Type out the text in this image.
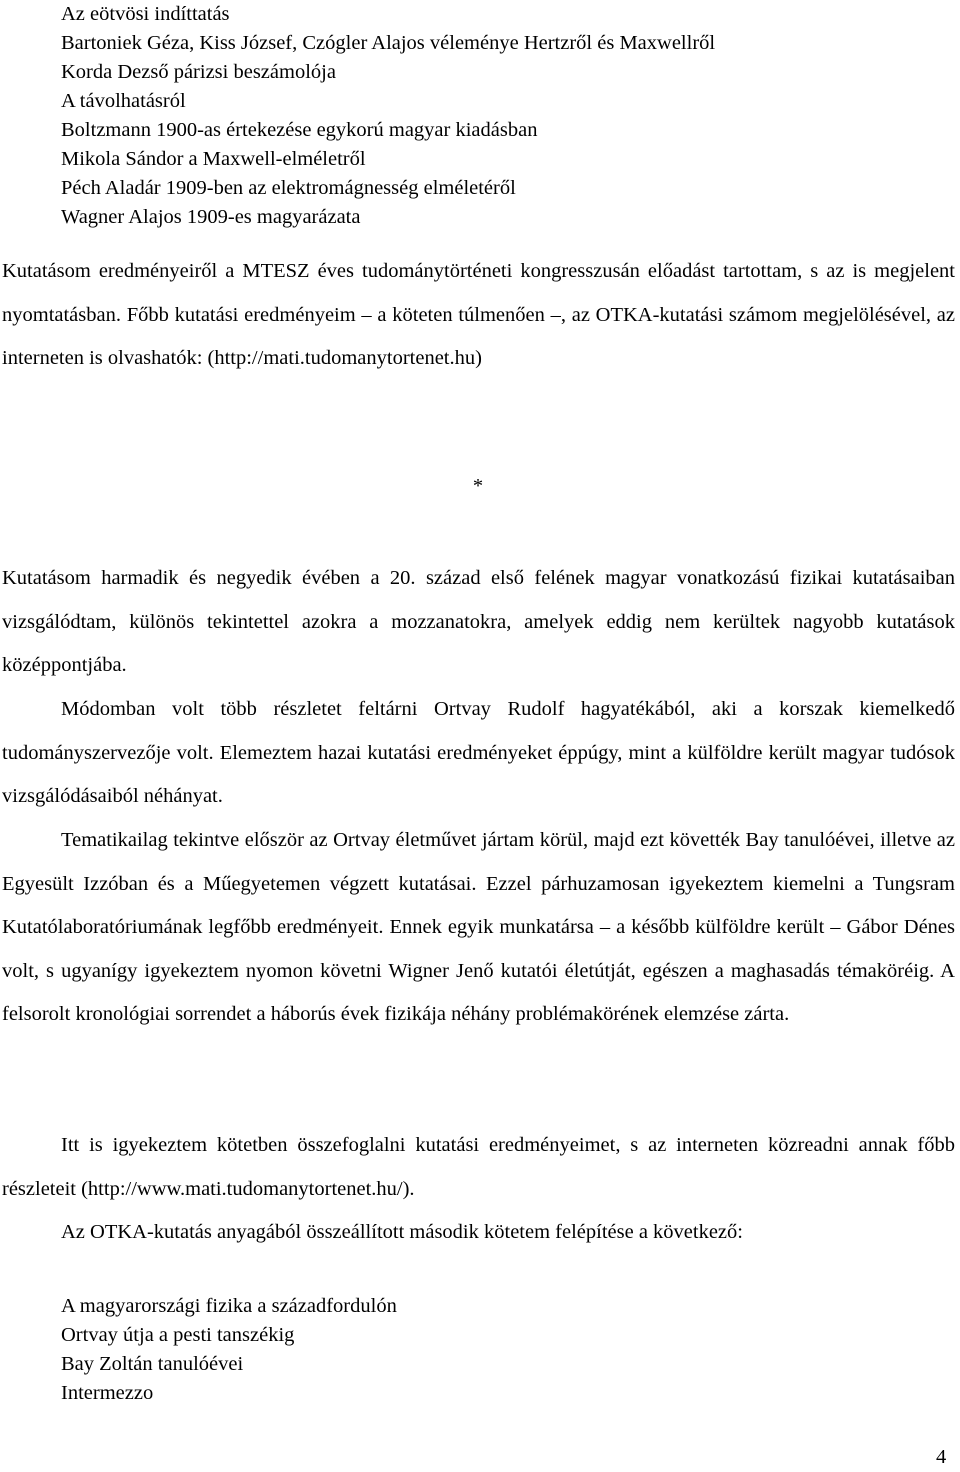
Az eötvösi indíttatás
Bartoniek Géza, Kiss József, Czógler Alajos véleménye Hertzről és Maxwellről
Korda Dezső párizsi beszámolója
A távolhatásról
Boltzmann 1900-as értekezése egykorú magyar kiadásban
Mikola Sándor a Maxwell-elméletről
Péch Aladár 1909-ben az elektromágnesség elméletéről
Wagner Alajos 1909-es magyarázata

Kutatásom eredményeiről a MTESZ éves tudománytörténeti kongresszusán előadást tartottam, s az is megjelent nyomtatásban. Főbb kutatási eredményeim – a köteten túlmenően –, az OTKA-kutatási számom megjelölésével, az interneten is olvashatók: (http://mati.tudomanytortenet.hu)

*

Kutatásom harmadik és negyedik évében a 20. század első felének magyar vonatkozású fizikai kutatásaiban vizsgálódtam, különös tekintettel azokra a mozzanatokra, amelyek eddig nem kerültek nagyobb kutatások középpontjába.

Módomban volt több részletet feltárni Ortvay Rudolf hagyatékából, aki a korszak kiemelkedő tudományszervezője volt. Elemeztem hazai kutatási eredményeket éppúgy, mint a külföldre került magyar tudósok vizsgálódásaiból néhányat.

Tematikailag tekintve először az Ortvay életművet jártam körül, majd ezt követték Bay tanulóévei, illetve az Egyesült Izzóban és a Műegyetemen végzett kutatásai. Ezzel párhuzamosan igyekeztem kiemelni a Tungsram Kutatólaboratóriumának legfőbb eredményeit. Ennek egyik munkatársa – a később külföldre került – Gábor Dénes volt, s ugyanígy igyekeztem nyomon követni Wigner Jenő kutatói életútját, egészen a maghasadás témaköréig. A felsorolt kronológiai sorrendet a háborús évek fizikája néhány problémakörének elemzése zárta.

Itt is igyekeztem kötetben összefoglalni kutatási eredményeimet, s az interneten közreadni annak főbb részleteit (http://www.mati.tudomanytortenet.hu/).

Az OTKA-kutatás anyagából összeállított második kötetem felépítése a következő:

A magyarországi fizika a századfordulón
Ortvay útja a pesti tanszékig
Bay Zoltán tanulóévei
Intermezzo
4
